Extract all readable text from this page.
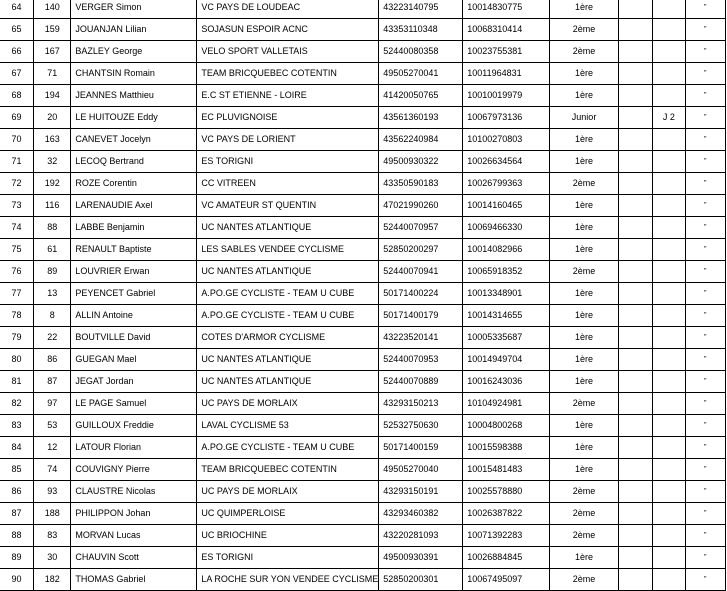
64	140	VERGER Simon	VC PAYS DE LOUDEAC	43223140795	10014830775	1ère			"
65	159	JOUANJAN Lilian	SOJASUN ESPOIR ACNC	43353110348	10068310414	2ème			"
66	167	BAZLEY George	VELO SPORT VALLETAIS	52440080358	10023755381	2ème			"
67	71	CHANTSIN Romain	TEAM BRICQUEBEC COTENTIN	49505270041	10011964831	1ère			"
68	194	JEANNES Matthieu	E.C ST ETIENNE - LOIRE	41420050765	10010019979	1ère			"
69	20	LE HUITOUZE Eddy	EC PLUVIGNOISE	43561360193	10067973136	Junior		J 2	"
70	163	CANEVET Jocelyn	VC PAYS DE LORIENT	43562240984	10100270803	1ère			"
71	32	LECOQ Bertrand	ES TORIGNI	49500930322	10026634564	1ère			"
72	192	ROZE Corentin	CC VITREEN	43350590183	10026799363	2ème			"
73	116	LARENAUDIE Axel	VC AMATEUR ST QUENTIN	47021990260	10014160465	1ère			"
74	88	LABBE Benjamin	UC NANTES ATLANTIQUE	52440070957	10069466330	1ère			"
75	61	RENAULT Baptiste	LES SABLES VENDEE CYCLISME	52850200297	10014082966	1ère			"
76	89	LOUVRIER Erwan	UC NANTES ATLANTIQUE	52440070941	10065918352	2ème			"
77	13	PEYENCET Gabriel	A.PO.GE CYCLISTE - TEAM U CUBE	50171400224	10013348901	1ère			"
78	8	ALLIN Antoine	A.PO.GE CYCLISTE - TEAM U CUBE	50171400179	10014314655	1ère			"
79	22	BOUTVILLE David	COTES D'ARMOR CYCLISME	43223520141	10005335687	1ère			"
80	86	GUEGAN Mael	UC NANTES ATLANTIQUE	52440070953	10014949704	1ère			"
81	87	JEGAT Jordan	UC NANTES ATLANTIQUE	52440070889	10016243036	1ère			"
82	97	LE PAGE Samuel	UC PAYS DE MORLAIX	43293150213	10104924981	2ème			"
83	53	GUILLOUX Freddie	LAVAL CYCLISME 53	52532750630	10004800268	1ère			"
84	12	LATOUR Florian	A.PO.GE CYCLISTE - TEAM U CUBE	50171400159	10015598388	1ère			"
85	74	COUVIGNY Pierre	TEAM BRICQUEBEC COTENTIN	49505270040	10015481483	1ère			"
86	93	CLAUSTRE Nicolas	UC PAYS DE MORLAIX	43293150191	10025578880	2ème			"
87	188	PHILIPPON Johan	UC QUIMPERLOISE	43293460382	10026387822	2ème			"
88	83	MORVAN Lucas	UC BRIOCHINE	43220281093	10071392283	2ème			"
89	30	CHAUVIN Scott	ES TORIGNI	49500930391	10026884845	1ère			"
90	182	THOMAS Gabriel	LA ROCHE SUR YON VENDEE CYCLISME	52850200301	10067495097	2ème			"
